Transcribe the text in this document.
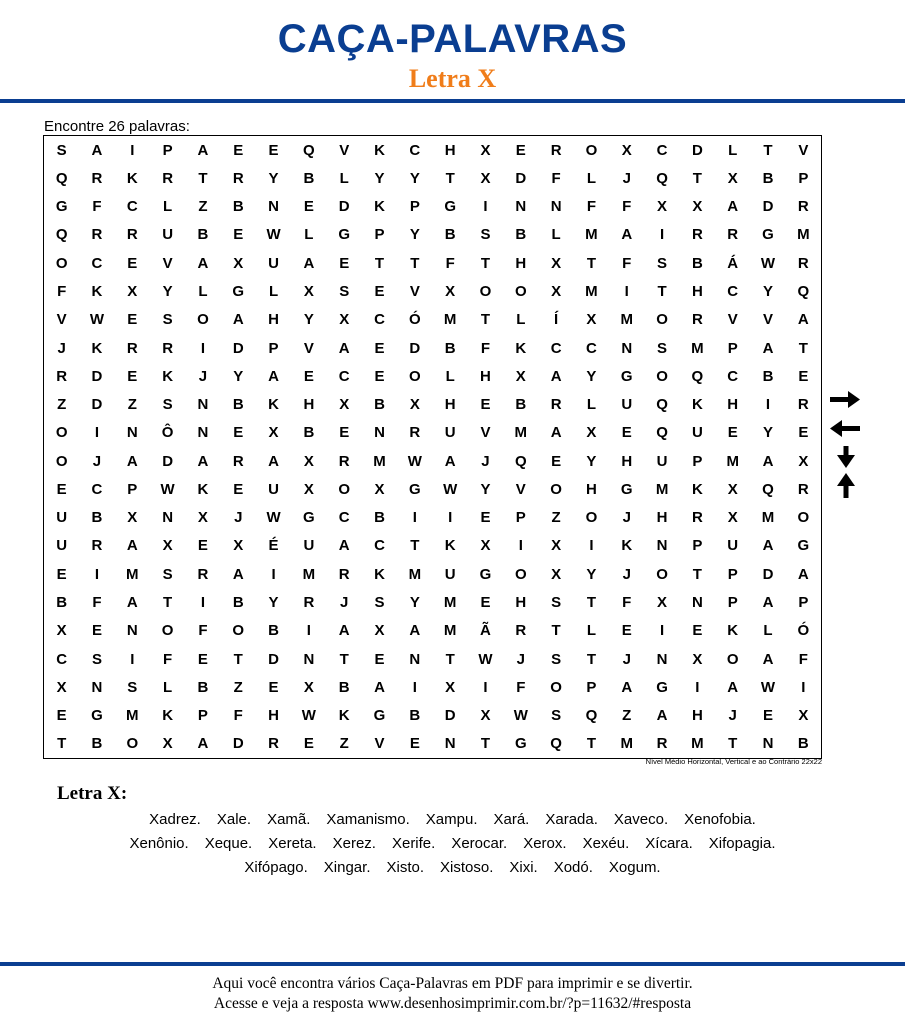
CAÇA-PALAVRAS
Letra X
Encontre 26 palavras:
S	A	I	P	A	E	E	Q	V	K	C	H	X	E	R	O	X	C	D	L	T	V
Q	R	K	R	T	R	Y	B	L	Y	Y	T	X	D	F	L	J	Q	T	X	B	P
G	F	C	L	Z	B	N	E	D	K	P	G	I	N	N	F	F	X	X	A	D	R
Q	R	R	U	B	E	W	L	G	P	Y	B	S	B	L	M	A	I	R	R	G	M
O	C	E	V	A	X	U	A	E	T	T	F	T	H	X	T	F	S	B	Á	W	R
F	K	X	Y	L	G	L	X	S	E	V	X	O	O	X	M	I	T	H	C	Y	Q
V	W	E	S	O	A	H	Y	X	C	Ó	M	T	L	Í	X	M	O	R	V	V	A
J	K	R	R	I	D	P	V	A	E	D	B	F	K	C	C	N	S	M	P	A	T
R	D	E	K	J	Y	A	E	C	E	O	L	H	X	A	Y	G	O	Q	C	B	E
Z	D	Z	S	N	B	K	H	X	B	X	H	E	B	R	L	U	Q	K	H	I	R
O	I	N	Ô	N	E	X	B	E	N	R	U	V	M	A	X	E	Q	U	E	Y	E
O	J	A	D	A	R	A	X	R	M	W	A	J	Q	E	Y	H	U	P	M	A	X
E	C	P	W	K	E	U	X	O	X	G	W	Y	V	O	H	G	M	K	X	Q	R
U	B	X	N	X	J	W	G	C	B	I	I	E	P	Z	O	J	H	R	X	M	O
U	R	A	X	E	X	É	U	A	C	T	K	X	I	X	I	K	N	P	U	A	G
E	I	M	S	R	A	I	M	R	K	M	U	G	O	X	Y	J	O	T	P	D	A
B	F	A	T	I	B	Y	R	J	S	Y	M	E	H	S	T	F	X	N	P	A	P
X	E	N	O	F	O	B	I	A	X	A	M	Ã	R	T	L	E	I	E	K	L	Ó
C	S	I	F	E	T	D	N	T	E	N	T	W	J	S	T	J	N	X	O	A	F
X	N	S	L	B	Z	E	X	B	A	I	X	I	F	O	P	A	G	I	A	W	I
E	G	M	K	P	F	H	W	K	G	B	D	X	W	S	Q	Z	A	H	J	E	X
T	B	O	X	A	D	R	E	Z	V	E	N	T	G	Q	T	M	R	M	T	N	B
Nível Médio Horizontal, Vertical e ao Contrário 22x22
Letra X:
Xadrez. Xale. Xamã. Xamanismo. Xampu. Xará. Xarada. Xaveco. Xenofobia.
Xenônio. Xeque. Xereta. Xerez. Xerife. Xerocar. Xerox. Xexéu. Xícara. Xifopagia.
Xifópago. Xingar. Xisto. Xistoso. Xixi. Xodó. Xogum.
Aqui você encontra vários Caça-Palavras em PDF para imprimir e se divertir.
Acesse e veja a resposta www.desenhosimprimir.com.br/?p=11632/#resposta
